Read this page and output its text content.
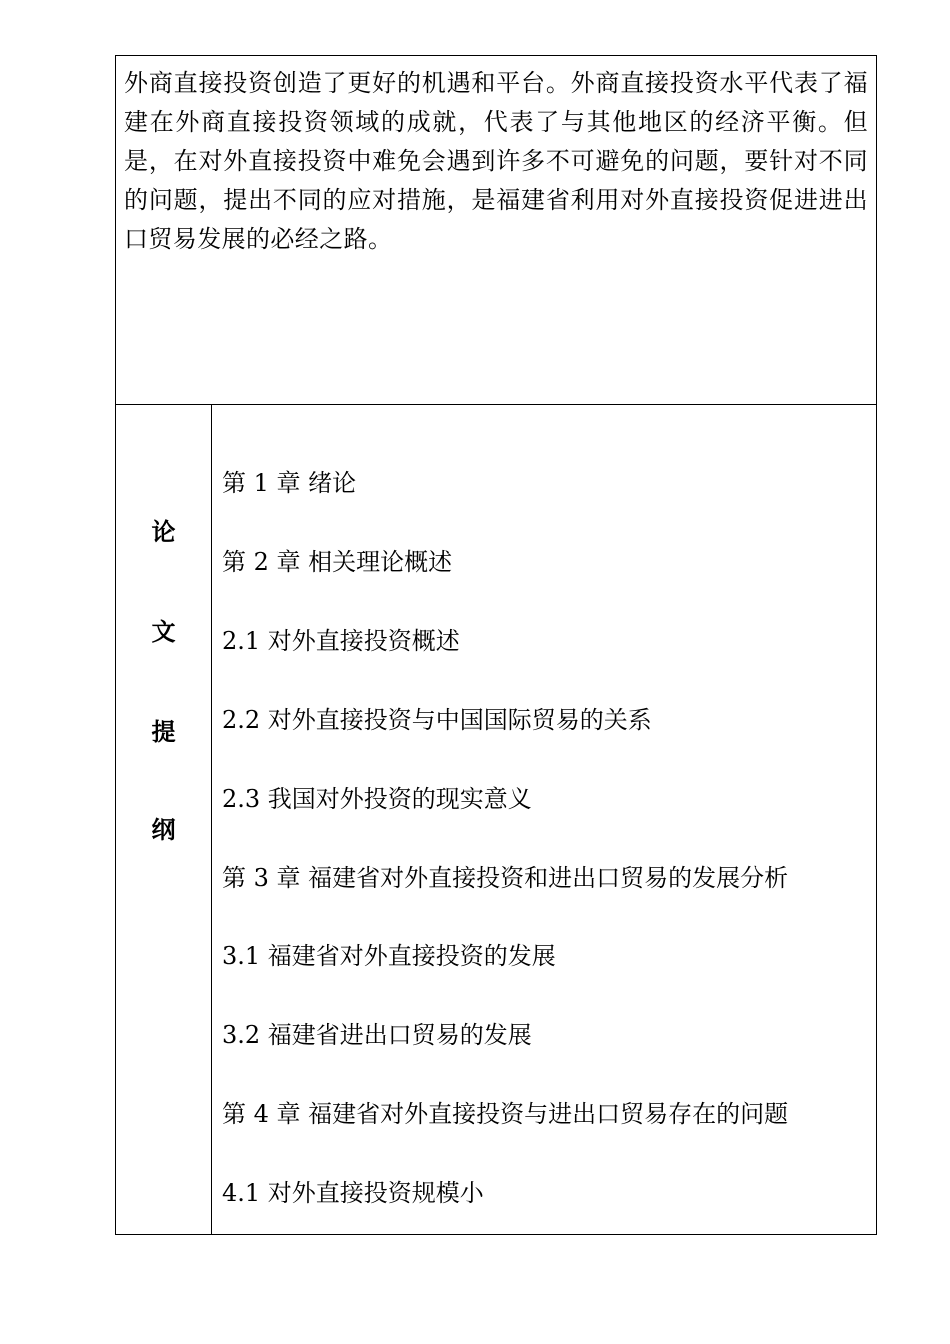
外商直接投资创造了更好的机遇和平台。外商直接投资水平代表了福建在外商直接投资领域的成就，代表了与其他地区的经济平衡。但是，在对外直接投资中难免会遇到许多不可避免的问题，要针对不同的问题，提出不同的应对措施，是福建省利用对外直接投资促进进出口贸易发展的必经之路。

论
文
提
纲
第 1 章 绪论
第 2 章 相关理论概述
2.1 对外直接投资概述
2.2 对外直接投资与中国国际贸易的关系
2.3 我国对外投资的现实意义
第 3 章 福建省对外直接投资和进出口贸易的发展分析
3.1 福建省对外直接投资的发展
3.2 福建省进出口贸易的发展
第 4 章 福建省对外直接投资与进出口贸易存在的问题
4.1 对外直接投资规模小
